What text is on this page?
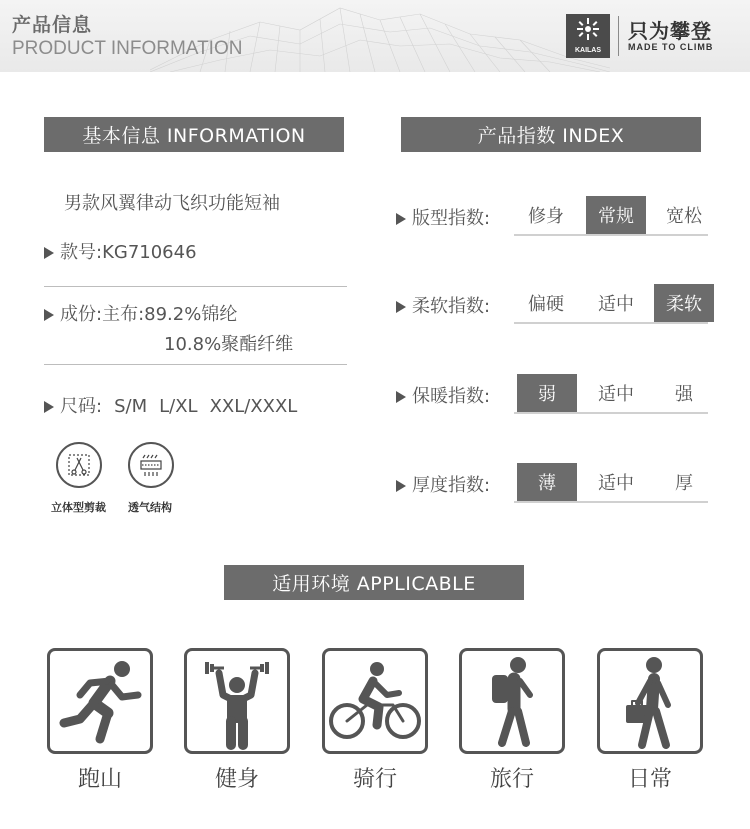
产品信息
PRODUCT INFORMATION	KAILAS
只为攀登
MADE TO CLIMB
基本信息 INFORMATION
男款风翼律动飞织功能短袖
款号:KG710646
成份:主布:89.2%锦纶
10.8%聚酯纤维
尺码: S/M L/XL XXL/XXXL
立体型剪裁 透气结构
产品指数 INDEX
版型指数:	修身	常规	宽松
柔软指数:	偏硬	适中	柔软
保暖指数:	弱	适中	强
厚度指数:	薄	适中	厚
适用环境 APPLICABLE
跑山	健身	骑行	旅行	日常
